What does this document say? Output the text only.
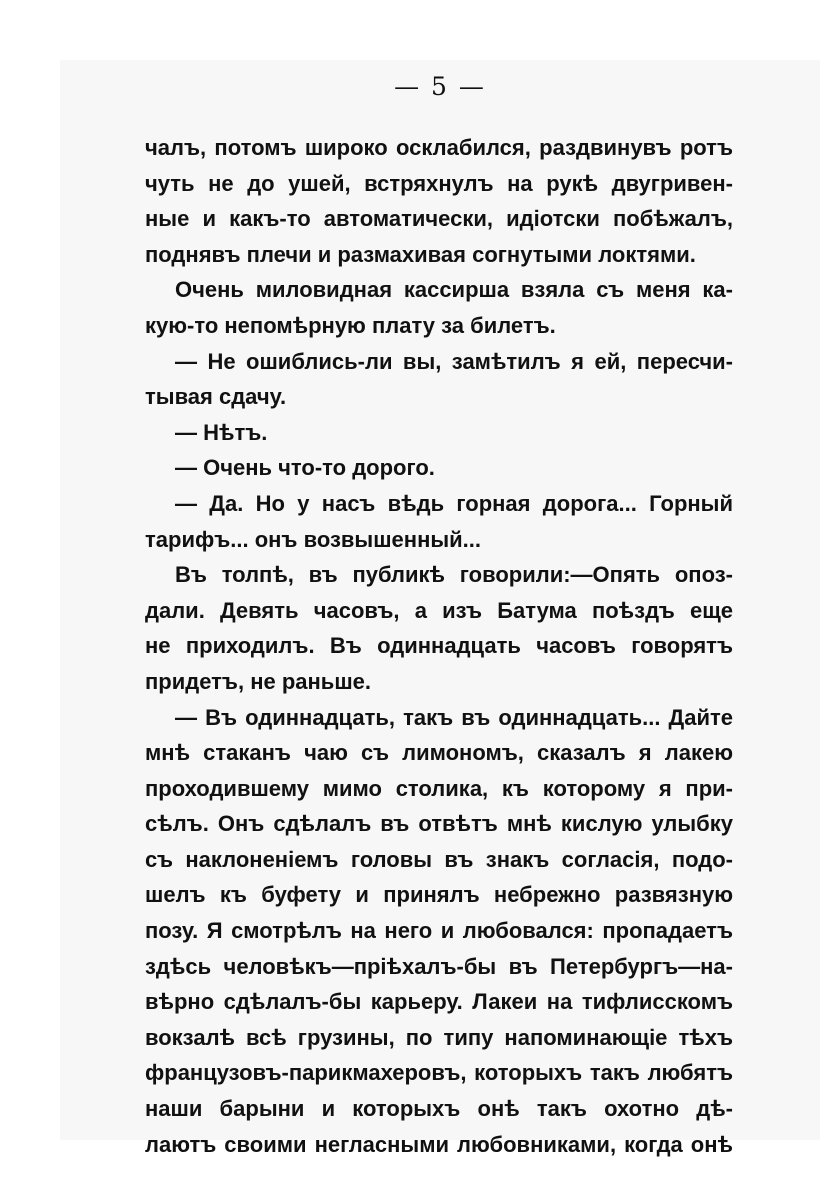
— 5 —
чалъ, потомъ широко осклабился, раздвинувъ ротъ
чуть не до ушей, встряхнулъ на рукѣ двугривен-
ные и какъ-то автоматически, идіотски побѣжалъ,
поднявъ плечи и размахивая согнутыми локтями.
Очень миловидная кассирша взяла съ меня ка-
кую-то непомѣрную плату за билетъ.
— Не ошиблись-ли вы, замѣтилъ я ей, пересчи-
тывая сдачу.
— Нѣтъ.
— Очень что-то дорого.
— Да. Но у насъ вѣдь горная дорога... Горный
тарифъ... онъ возвышенный...
Въ толпѣ, въ публикѣ говорили:—Опять опоз-
дали. Девять часовъ, а изъ Батума поѣздъ еще
не приходилъ. Въ одиннадцать часовъ говорятъ
придетъ, не раньше.
— Въ одиннадцать, такъ въ одиннадцать... Дайте
мнѣ стаканъ чаю съ лимономъ, сказалъ я лакею
проходившему мимо столика, къ которому я при-
сѣлъ. Онъ сдѣлалъ въ отвѣтъ мнѣ кислую улыбку
съ наклоненіемъ головы въ знакъ согласія, подо-
шелъ къ буфету и принялъ небрежно развязную
позу. Я смотрѣлъ на него и любовался: пропадаетъ
здѣсь человѣкъ—пріѣхалъ-бы въ Петербургъ—на-
вѣрно сдѣлалъ-бы карьеру. Лакеи на тифлисскомъ
вокзалѣ всѣ грузины, по типу напоминающіе тѣхъ
французовъ-парикмахеровъ, которыхъ такъ любятъ
наши барыни и которыхъ онѣ такъ охотно дѣ-
лаютъ своими негласными любовниками, когда онѣ
